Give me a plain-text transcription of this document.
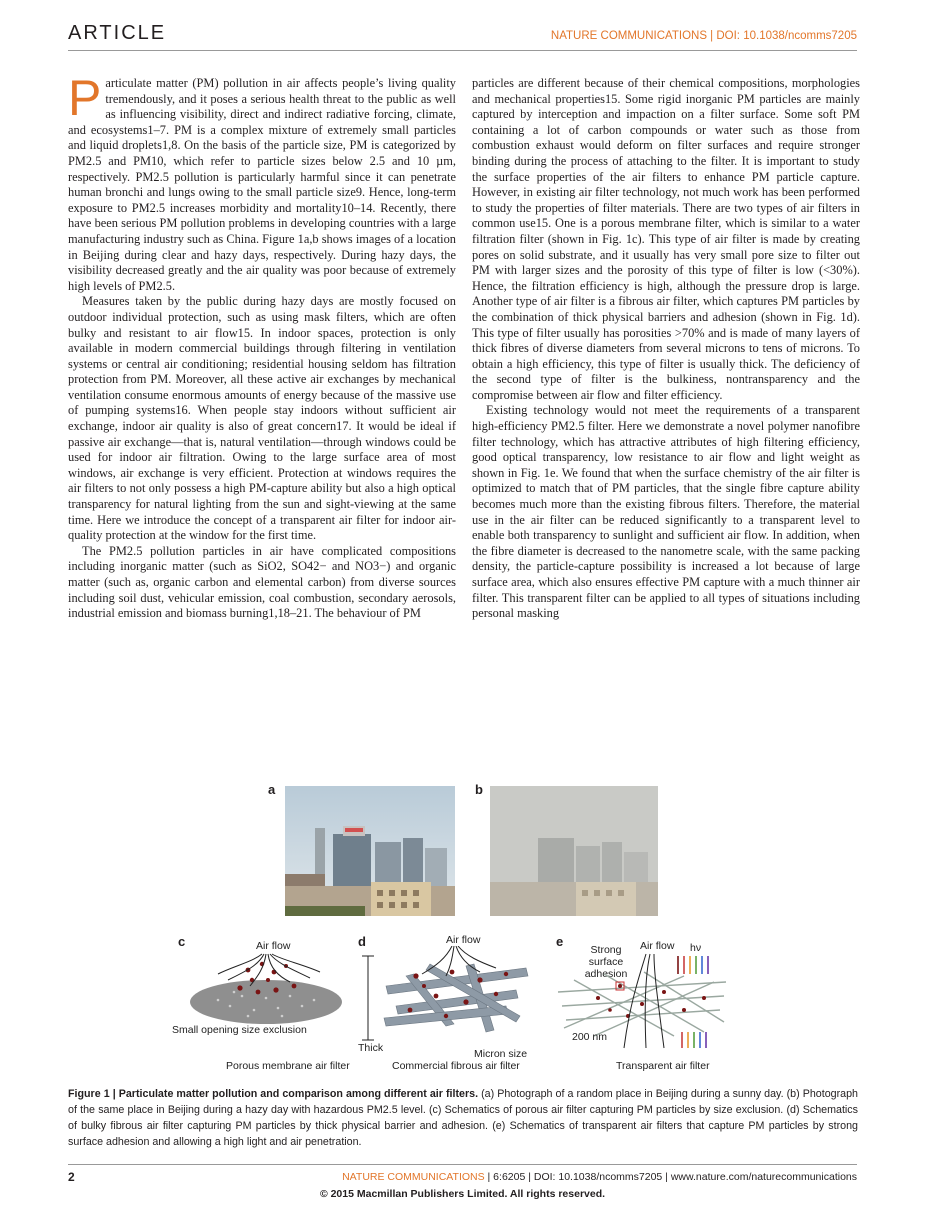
ARTICLE	NATURE COMMUNICATIONS | DOI: 10.1038/ncomms7205

Particulate matter (PM) pollution in air affects people’s living quality tremendously, and it poses a serious health threat to the public as well as influencing visibility, direct and indirect radiative forcing, climate, and ecosystems1–7. PM is a complex mixture of extremely small particles and liquid droplets1,8. On the basis of the particle size, PM is categorized by PM2.5 and PM10, which refer to particle sizes below 2.5 and 10 µm, respectively. PM2.5 pollution is particularly harmful since it can penetrate human bronchi and lungs owing to the small particle size9. Hence, long-term exposure to PM2.5 increases morbidity and mortality10–14. Recently, there have been serious PM pollution problems in developing countries with a large manufacturing industry such as China. Figure 1a,b shows images of a location in Beijing during clear and hazy days, respectively. During hazy days, the visibility decreased greatly and the air quality was poor because of extremely high levels of PM2.5.

Measures taken by the public during hazy days are mostly focused on outdoor individual protection, such as using mask filters, which are often bulky and resistant to air flow15. In indoor spaces, protection is only available in modern commercial buildings through filtering in ventilation systems or central air conditioning; residential housing seldom has filtration protection from PM. Moreover, all these active air exchanges by mechanical ventilation consume enormous amounts of energy because of the massive use of pumping systems16. When people stay indoors without sufficient air exchange, indoor air quality is also of great concern17. It would be ideal if passive air exchange—that is, natural ventilation—through windows could be used for indoor air filtration. Owing to the large surface area of most windows, air exchange is very efficient. Protection at windows requires the air filters to not only possess a high PM-capture ability but also a high optical transparency for natural lighting from the sun and sight-viewing at the same time. Here we introduce the concept of a transparent air filter for indoor air-quality protection at the window for the first time.

The PM2.5 pollution particles in air have complicated compositions including inorganic matter (such as SiO2, SO42− and NO3−) and organic matter (such as, organic carbon and elemental carbon) from diverse sources including soil dust, vehicular emission, coal combustion, secondary aerosols, industrial emission and biomass burning1,18–21. The behaviour of PM

particles are different because of their chemical compositions, morphologies and mechanical properties15. Some rigid inorganic PM particles are mainly captured by interception and impaction on a filter surface. Some soft PM containing a lot of carbon compounds or water such as those from combustion exhaust would deform on filter surfaces and require stronger binding during the process of attaching to the filter. It is important to study the surface properties of the air filters to enhance PM particle capture. However, in existing air filter technology, not much work has been performed to study the properties of filter materials. There are two types of air filters in common use15. One is a porous membrane filter, which is similar to a water filtration filter (shown in Fig. 1c). This type of air filter is made by creating pores on solid substrate, and it usually has very small pore size to filter out PM with larger sizes and the porosity of this type of filter is low (<30%). Hence, the filtration efficiency is high, although the pressure drop is large. Another type of air filter is a fibrous air filter, which captures PM particles by the combination of thick physical barriers and adhesion (shown in Fig. 1d). This type of filter usually has porosities >70% and is made of many layers of thick fibres of diverse diameters from several microns to tens of microns. To obtain a high efficiency, this type of filter is usually thick. The deficiency of the second type of filter is the bulkiness, nontransparency and the compromise between air flow and filter efficiency.

Existing technology would not meet the requirements of a transparent high-efficiency PM2.5 filter. Here we demonstrate a novel polymer nanofibre filter technology, which has attractive attributes of high filtering efficiency, good optical transparency, low resistance to air flow and light weight as shown in Fig. 1e. We found that when the surface chemistry of the air filter is optimized to match that of PM particles, that the single fibre capture ability becomes much more than the existing fibrous filters. Therefore, the material use in the air filter can be reduced significantly to a transparent level to enable both transparency to sunlight and sufficient air flow. In addition, when the fibre diameter is decreased to the nanometre scale, with the same packing density, the particle-capture possibility is increased a lot because of large surface area, which also ensures effective PM capture with a much thinner air filter. This transparent filter can be applied to all types of situations including personal masking

a	b
c	Air flow
Small opening size exclusion
Porous membrane air filter
d	Air flow
Thick	Micron size
Commercial fibrous air filter
e
Strong surface adhesion
Air flow hν
200 nm
Transparent air filter
Figure 1 | Particulate matter pollution and comparison among different air filters. (a) Photograph of a random place in Beijing during a sunny day. (b) Photograph of the same place in Beijing during a hazy day with hazardous PM2.5 level. (c) Schematics of porous air filter capturing PM particles by size exclusion. (d) Schematics of bulky fibrous air filter capturing PM particles by thick physical barrier and adhesion. (e) Schematics of transparent air filters that capture PM particles by strong surface adhesion and allowing a high light and air penetration.
2	NATURE COMMUNICATIONS | 6:6205 | DOI: 10.1038/ncomms7205 | www.nature.com/naturecommunications
© 2015 Macmillan Publishers Limited. All rights reserved.
